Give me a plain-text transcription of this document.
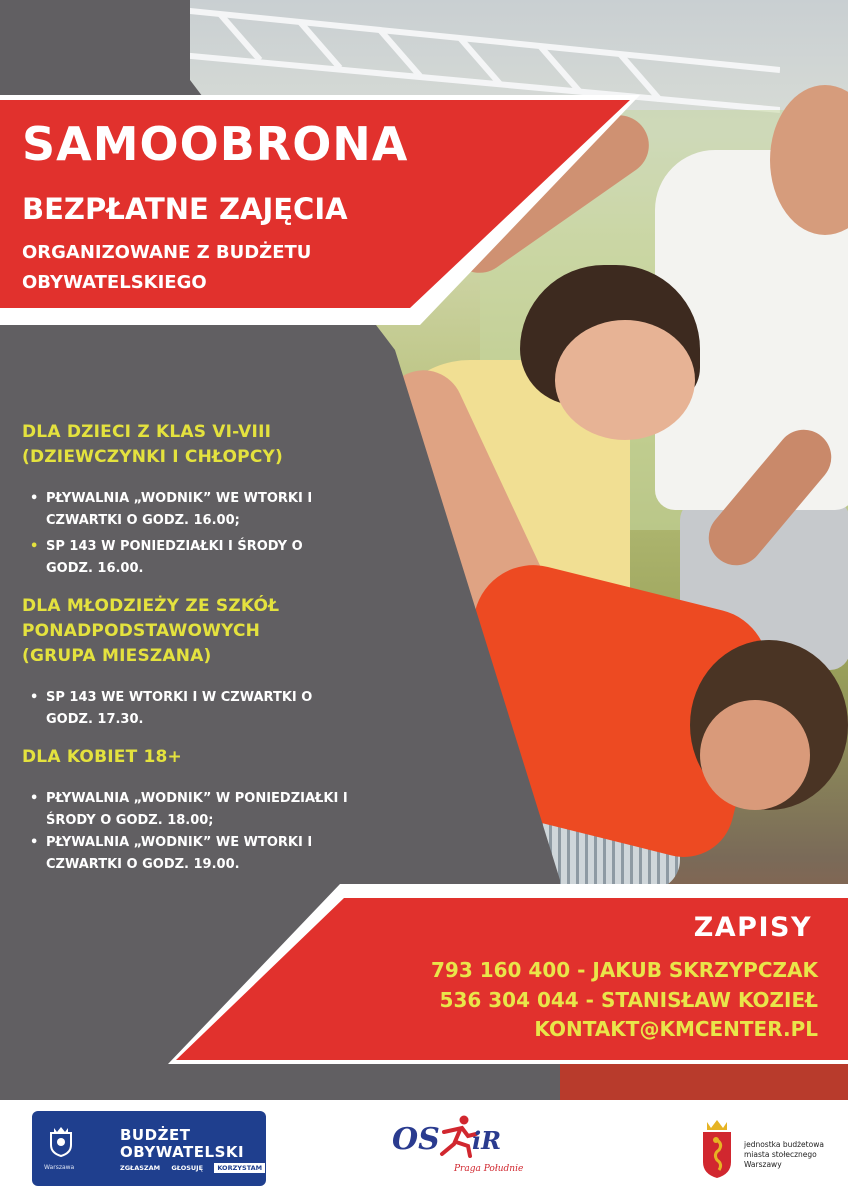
SAMOOBRONA
BEZPŁATNE ZAJĘCIA
ORGANIZOWANE Z BUDŻETU
OBYWATELSKIEGO
DLA DZIECI Z KLAS VI-VIII
(DZIEWCZYNKI I CHŁOPCY)
• PŁYWALNIA „WODNIK” WE WTORKI I
CZWARTKI O GODZ. 16.00;
• SP 143 W PONIEDZIAŁKI I ŚRODY O
GODZ. 16.00.
DLA MŁODZIEŻY ZE SZKÓŁ
PONADPODSTAWOWYCH
(GRUPA MIESZANA)
• SP 143 WE WTORKI I W CZWARTKI O
GODZ. 17.30.
DLA KOBIET 18+
• PŁYWALNIA „WODNIK” W PONIEDZIAŁKI I
ŚRODY O GODZ. 18.00;
• PŁYWALNIA „WODNIK” WE WTORKI I
CZWARTKI O GODZ. 19.00.
ZAPISY
793 160 400 - JAKUB SKRZYPCZAK
536 304 044 - STANISŁAW KOZIEŁ
KONTAKT@KMCENTER.PL
Warszawa
BUDŻET
OBYWATELSKI
ZGŁASZAM GŁOSUJĘ KORZYSTAM
OS iR
Praga Południe
jednostka budżetowa
miasta stołecznego
Warszawy
